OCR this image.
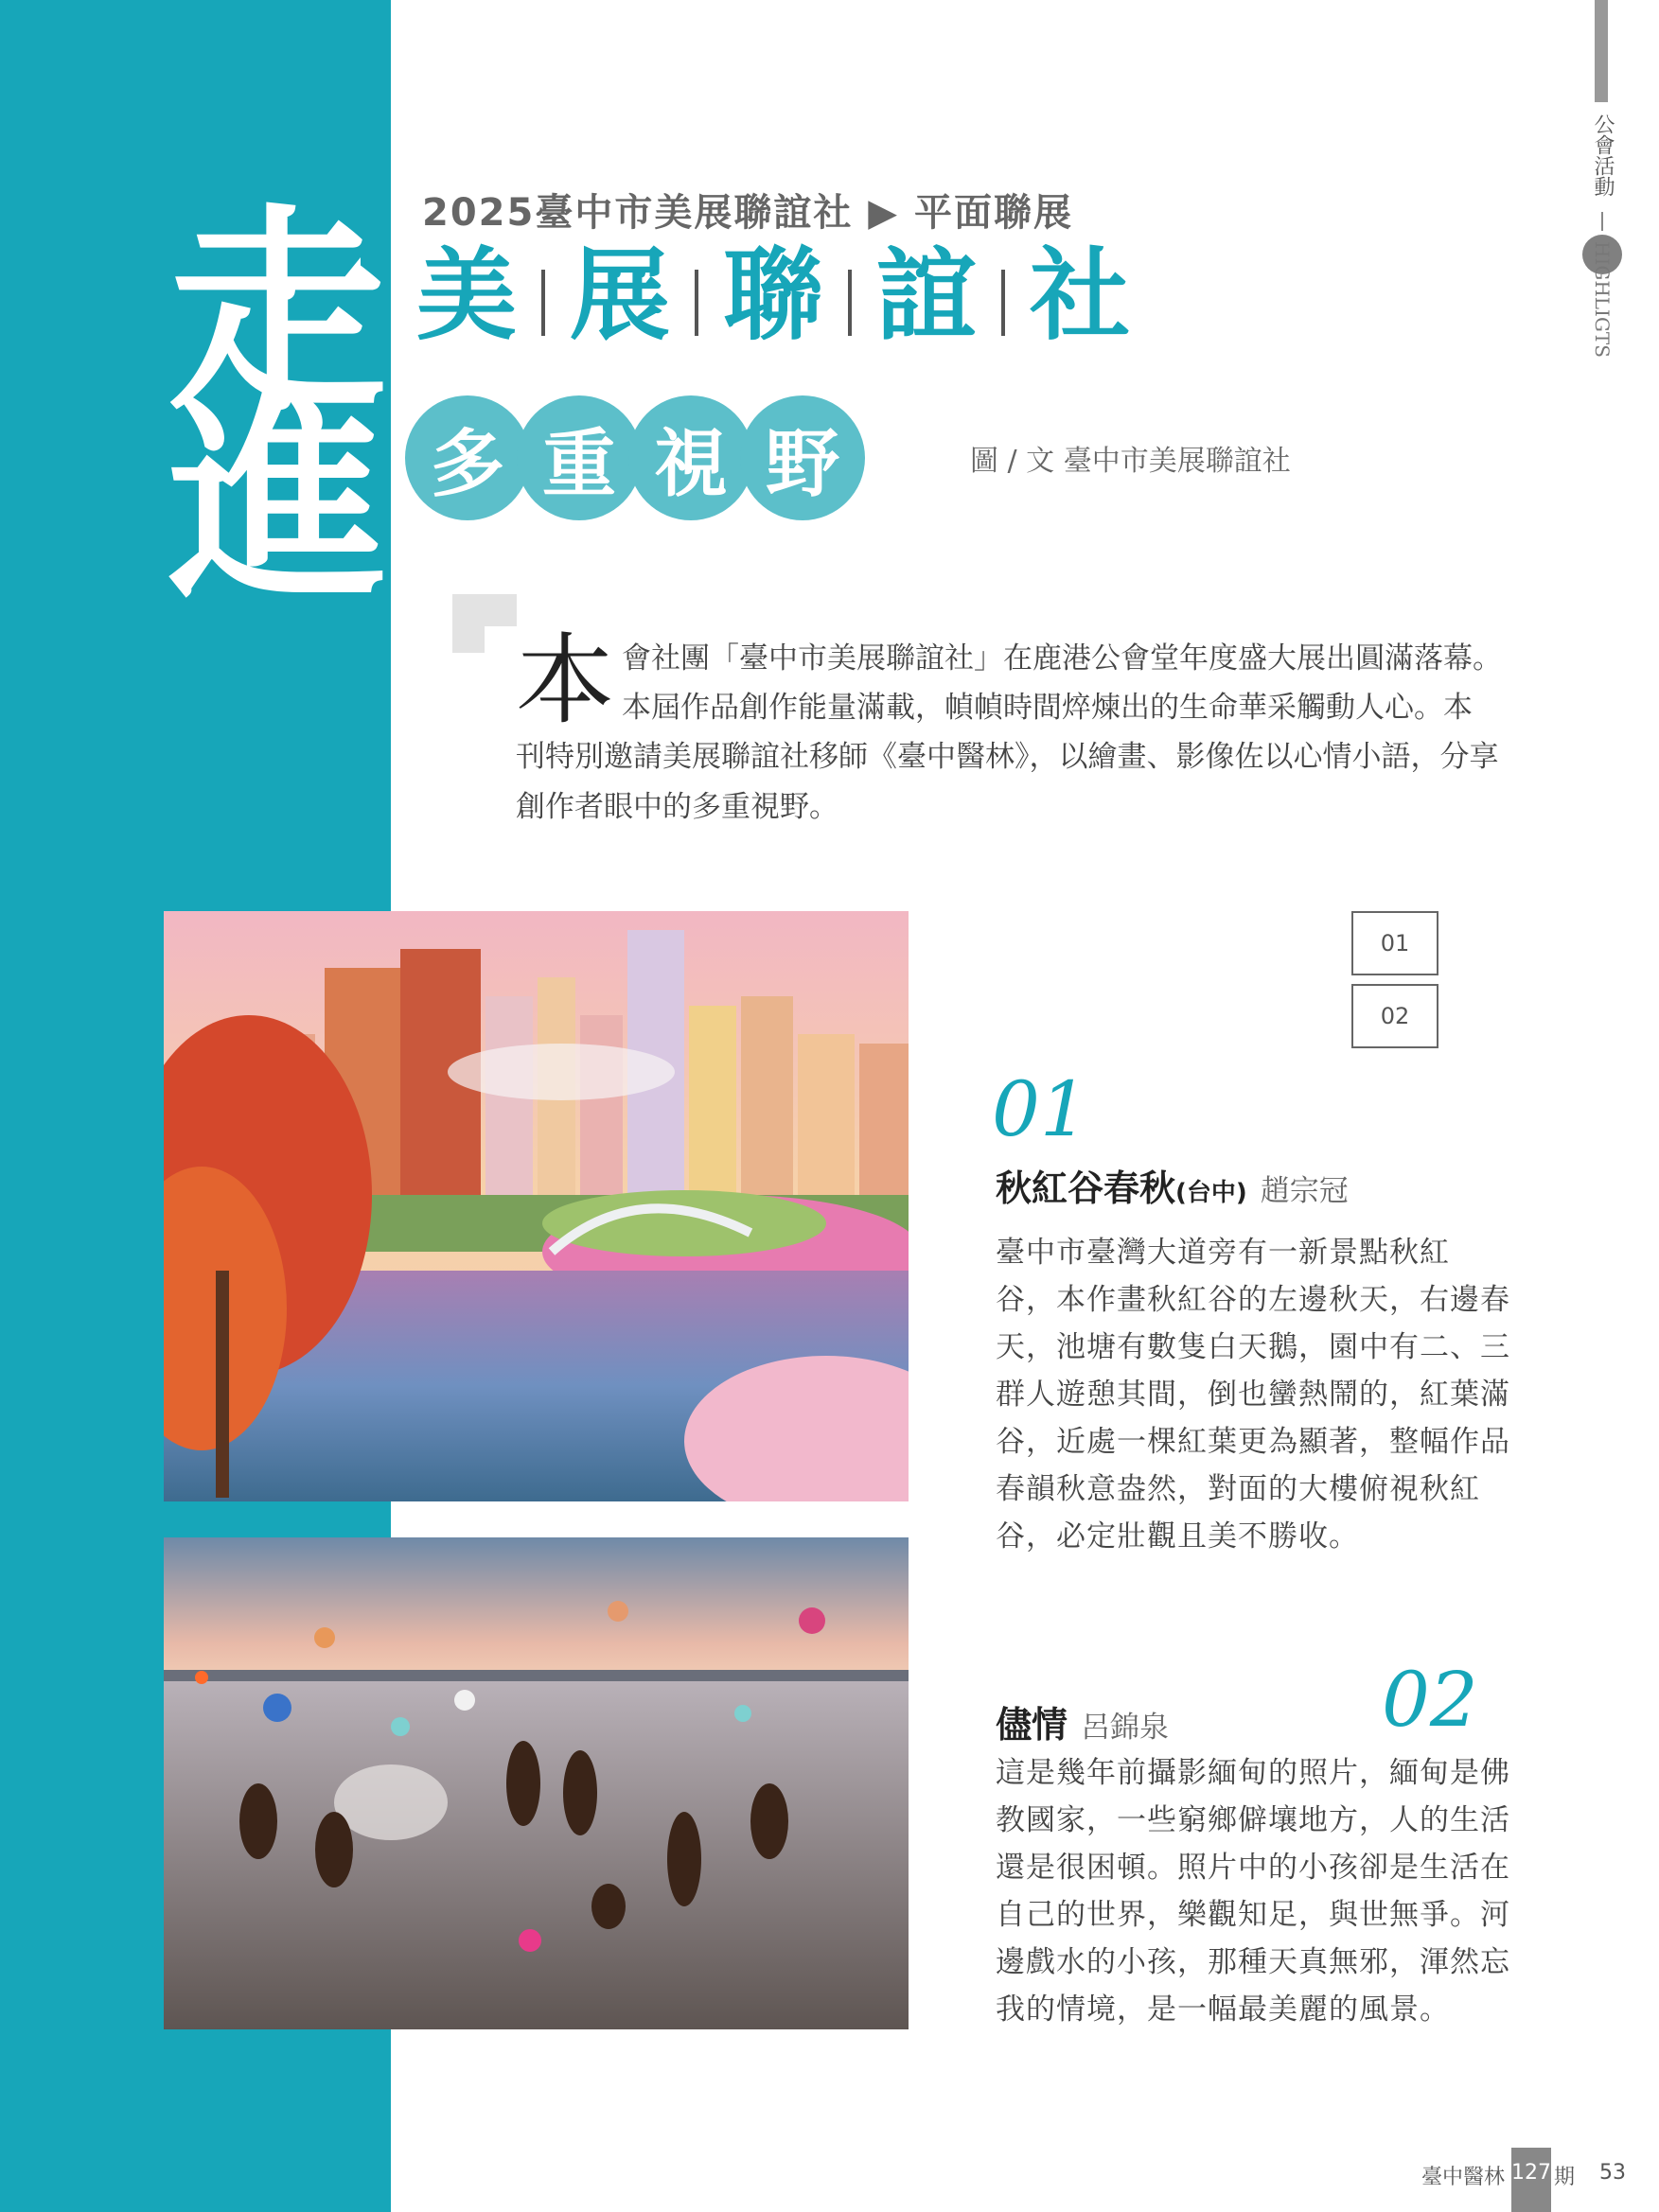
走
進
公會活動
HIGHLIGTS
2025臺中市美展聯誼社 ▶ 平面聯展
美 展 聯 誼 社
多 重 視 野	圖 / 文 臺中市美展聯誼社
本 會社團「臺中市美展聯誼社」在鹿港公會堂年度盛大展出圓滿落幕。
本屆作品創作能量滿載，幀幀時間焠煉出的生命華采觸動人心。本
刊特別邀請美展聯誼社移師《臺中醫林》，以繪畫、影像佐以心情小語，分享
創作者眼中的多重視野。
01
02
01
秋紅谷春秋(台中) 趙宗冠
臺中市臺灣大道旁有一新景點秋紅
谷，本作畫秋紅谷的左邊秋天，右邊春
天，池塘有數隻白天鵝，園中有二、三
群人遊憩其間，倒也蠻熱鬧的，紅葉滿
谷，近處一棵紅葉更為顯著，整幅作品
春韻秋意盎然，對面的大樓俯視秋紅
谷，必定壯觀且美不勝收。
02
儘情 呂錦泉
這是幾年前攝影緬甸的照片，緬甸是佛
教國家，一些窮鄉僻壤地方，人的生活
還是很困頓。照片中的小孩卻是生活在
自己的世界，樂觀知足，與世無爭。河
邊戲水的小孩，那種天真無邪，渾然忘
我的情境，是一幅最美麗的風景。
臺中醫林 127 期 53
